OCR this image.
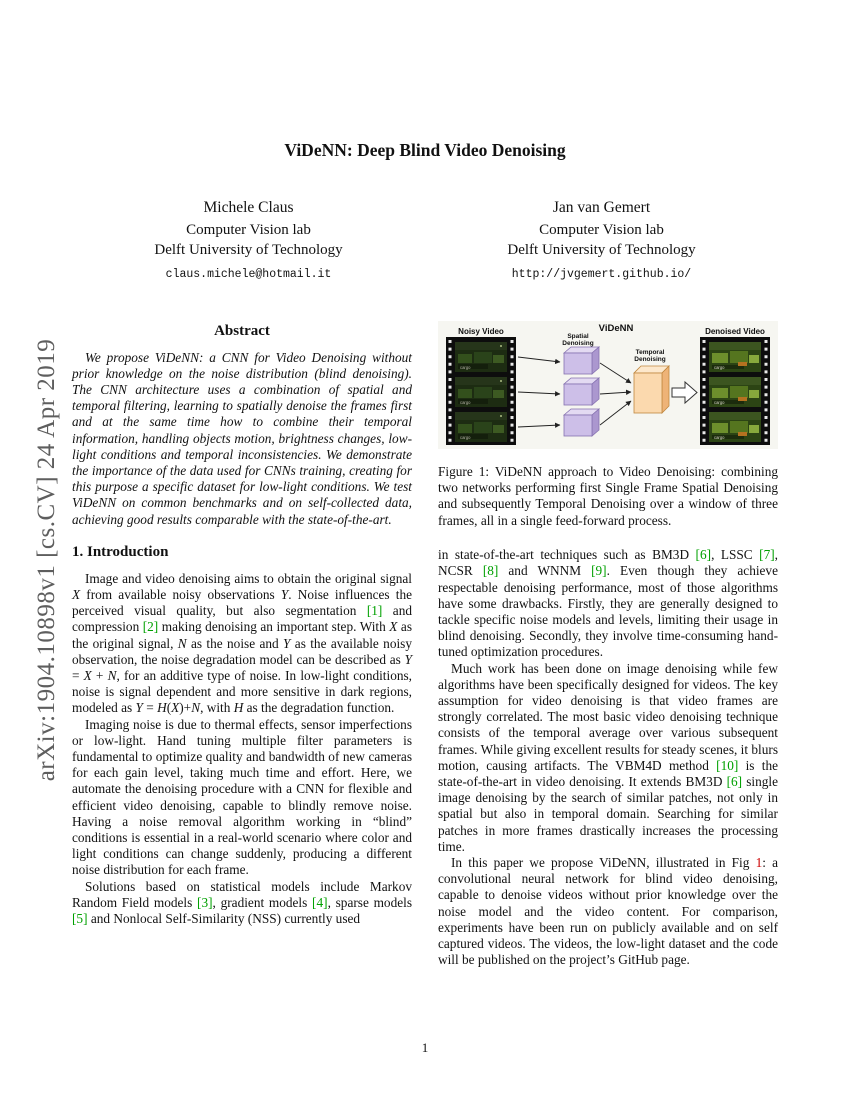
arXiv:1904.10898v1 [cs.CV] 24 Apr 2019
ViDeNN: Deep Blind Video Denoising
Michele Claus
Computer Vision lab
Delft University of Technology
claus.michele@hotmail.it
Jan van Gemert
Computer Vision lab
Delft University of Technology
http://jvgemert.github.io/
Abstract

We propose ViDeNN: a CNN for Video Denoising without prior knowledge on the noise distribution (blind denoising). The CNN architecture uses a combination of spatial and temporal filtering, learning to spatially denoise the frames first and at the same time how to combine their temporal information, handling objects motion, brightness changes, low-light conditions and temporal inconsistencies. We demonstrate the importance of the data used for CNNs training, creating for this purpose a specific dataset for low-light conditions. We test ViDeNN on common benchmarks and on self-collected data, achieving good results comparable with the state-of-the-art.

1. Introduction

Image and video denoising aims to obtain the original signal X from available noisy observations Y. Noise influences the perceived visual quality, but also segmentation [1] and compression [2] making denoising an important step. With X as the original signal, N as the noise and Y as the available noisy observation, the noise degradation model can be described as Y = X + N, for an additive type of noise. In low-light conditions, noise is signal dependent and more sensitive in dark regions, modeled as Y = H(X)+N, with H as the degradation function.

Imaging noise is due to thermal effects, sensor imperfections or low-light. Hand tuning multiple filter parameters is fundamental to optimize quality and bandwidth of new cameras for each gain level, taking much time and effort. Here, we automate the denoising procedure with a CNN for flexible and efficient video denoising, capable to blindly remove noise. Having a noise removal algorithm working in “blind” conditions is essential in a real-world scenario where color and light conditions can change suddenly, producing a different noise distribution for each frame.

Solutions based on statistical models include Markov Random Field models [3], gradient models [4], sparse models [5] and Nonlocal Self-Similarity (NSS) currently used

ViDeNN
Noisy Video	Denoised Video
Spatial
Denoising
Temporal
Denoising
cargo
cargo
cargo
cargo
cargo
cargo
Figure 1: ViDeNN approach to Video Denoising: combining two networks performing first Single Frame Spatial Denoising and subsequently Temporal Denoising over a window of three frames, all in a single feed-forward process.

in state-of-the-art techniques such as BM3D [6], LSSC [7], NCSR [8] and WNNM [9]. Even though they achieve respectable denoising performance, most of those algorithms have some drawbacks. Firstly, they are generally designed to tackle specific noise models and levels, limiting their usage in blind denoising. Secondly, they involve time-consuming hand-tuned optimization procedures.

Much work has been done on image denoising while few algorithms have been specifically designed for videos. The key assumption for video denoising is that video frames are strongly correlated. The most basic video denoising technique consists of the temporal average over various subsequent frames. While giving excellent results for steady scenes, it blurs motion, causing artifacts. The VBM4D method [10] is the state-of-the-art in video denoising. It extends BM3D [6] single image denoising by the search of similar patches, not only in spatial but also in temporal domain. Searching for similar patches in more frames drastically increases the processing time.

In this paper we propose ViDeNN, illustrated in Fig 1: a convolutional neural network for blind video denoising, capable to denoise videos without prior knowledge over the noise model and the video content. For comparison, experiments have been run on publicly available and on self captured videos. The videos, the low-light dataset and the code will be published on the project’s GitHub page.

1
